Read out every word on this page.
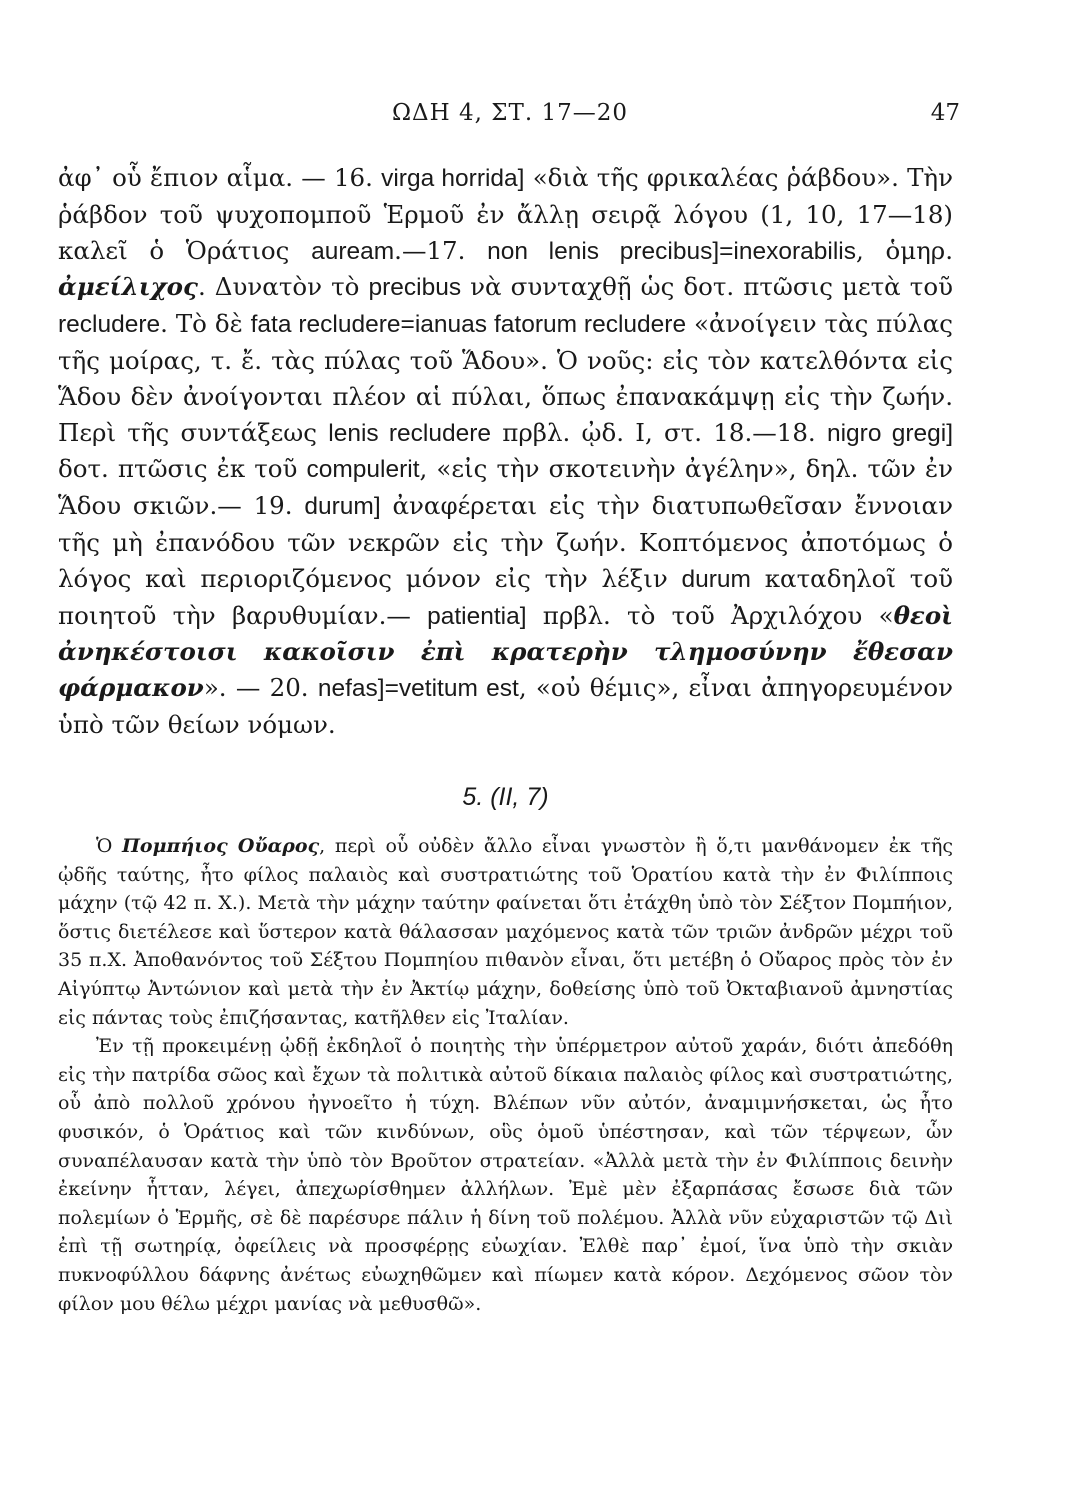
ΩΔΗ 4, ΣΤ. 17—20	47

ἀφ᾽ οὗ ἔπιον αἷμα. — 16. virga horrida] «διὰ τῆς φρικαλέας ῥάβδου». Τὴν ῥάβδον τοῦ ψυχοπομποῦ Ἑρμοῦ ἐν ἄλλῃ σειρᾷ λόγου (1, 10, 17—18) καλεῖ ὁ Ὁράτιος auream.—17. non lenis precibus]=inexorabilis, ὁμηρ. ἀμείλιχος. Δυνατὸν τὸ precibus νὰ συνταχθῇ ὡς δοτ. πτῶσις μετὰ τοῦ recludere. Τὸ δὲ fata recludere=ianuas fatorum recludere «ἀνοίγειν τὰς πύλας τῆς μοίρας, τ. ἔ. τὰς πύλας τοῦ Ἅδου». Ὁ νοῦς: εἰς τὸν κατελθόντα εἰς Ἅδου δὲν ἀνοίγονται πλέον αἱ πύλαι, ὅπως ἐπανακάμψῃ εἰς τὴν ζωήν. Περὶ τῆς συντάξεως lenis recludere πρβλ. ᾠδ. I, στ. 18.—18. nigro gregi] δοτ. πτῶσις ἐκ τοῦ compulerit, «εἰς τὴν σκοτεινὴν ἀγέλην», δηλ. τῶν ἐν Ἅδου σκιῶν.— 19. durum] ἀναφέρεται εἰς τὴν διατυπωθεῖσαν ἔννοιαν τῆς μὴ ἐπανόδου τῶν νεκρῶν εἰς τὴν ζωήν. Κοπτόμενος ἀποτόμως ὁ λόγος καὶ περιοριζόμενος μόνον εἰς τὴν λέξιν durum καταδηλοῖ τοῦ ποιητοῦ τὴν βαρυθυμίαν.— patientia] πρβλ. τὸ τοῦ Ἀρχιλόχου «θεοὶ ἀνηκέστοισι κακοῖσιν ἐπὶ κρατερὴν τλημοσύνην ἔθεσαν φάρμακον». — 20. nefas]=vetitum est, «οὐ θέμις», εἶναι ἀπηγορευμένον ὑπὸ τῶν θείων νόμων.

5. (II, 7)

Ὁ Πομπήιος Οὔαρος, περὶ οὗ οὐδὲν ἄλλο εἶναι γνωστὸν ἢ ὅ,τι μανθάνομεν ἐκ τῆς ᾠδῆς ταύτης, ἦτο φίλος παλαιὸς καὶ συστρατιώτης τοῦ Ὁρατίου κατὰ τὴν ἐν Φιλίπποις μάχην (τῷ 42 π. Χ.). Μετὰ τὴν μάχην ταύτην φαίνεται ὅτι ἐτάχθη ὑπὸ τὸν Σέξτον Πομπήιον, ὅστις διετέλεσε καὶ ὕστερον κατὰ θάλασσαν μαχόμενος κατὰ τῶν τριῶν ἀνδρῶν μέχρι τοῦ 35 π.Χ. Ἀποθανόντος τοῦ Σέξτου Πομπηίου πιθανὸν εἶναι, ὅτι μετέβη ὁ Οὔαρος πρὸς τὸν ἐν Αἰγύπτῳ Ἀντώνιον καὶ μετὰ τὴν ἐν Ἀκτίῳ μάχην, δοθείσης ὑπὸ τοῦ Ὀκταβιανοῦ ἀμνηστίας εἰς πάντας τοὺς ἐπιζήσαντας, κατῆλθεν εἰς Ἰταλίαν.

Ἐν τῇ προκειμένῃ ᾠδῇ ἐκδηλοῖ ὁ ποιητὴς τὴν ὑπέρμετρον αὐτοῦ χαράν, διότι ἀπεδόθη εἰς τὴν πατρίδα σῶος καὶ ἔχων τὰ πολιτικὰ αὐτοῦ δίκαια παλαιὸς φίλος καὶ συστρατιώτης, οὗ ἀπὸ πολλοῦ χρόνου ἠγνοεῖτο ἡ τύχη. Βλέπων νῦν αὐτόν, ἀναμιμνήσκεται, ὡς ἦτο φυσικόν, ὁ Ὁράτιος καὶ τῶν κινδύνων, οὓς ὁμοῦ ὑπέστησαν, καὶ τῶν τέρψεων, ὧν συναπέλαυσαν κατὰ τὴν ὑπὸ τὸν Βροῦτον στρατείαν. «Ἀλλὰ μετὰ τὴν ἐν Φιλίπποις δεινὴν ἐκείνην ἧτταν, λέγει, ἀπεχωρίσθημεν ἀλλήλων. Ἐμὲ μὲν ἐξαρπάσας ἔσωσε διὰ τῶν πολεμίων ὁ Ἑρμῆς, σὲ δὲ παρέσυρε πάλιν ἡ δίνη τοῦ πολέμου. Ἀλλὰ νῦν εὐχαριστῶν τῷ Διὶ ἐπὶ τῇ σωτηρίᾳ, ὀφείλεις νὰ προσφέρῃς εὐωχίαν. Ἐλθὲ παρ᾽ ἐμοί, ἵνα ὑπὸ τὴν σκιὰν πυκνοφύλλου δάφνης ἀνέτως εὐωχηθῶμεν καὶ πίωμεν κατὰ κόρον. Δεχόμενος σῶον τὸν φίλον μου θέλω μέχρι μανίας νὰ μεθυσθῶ».
